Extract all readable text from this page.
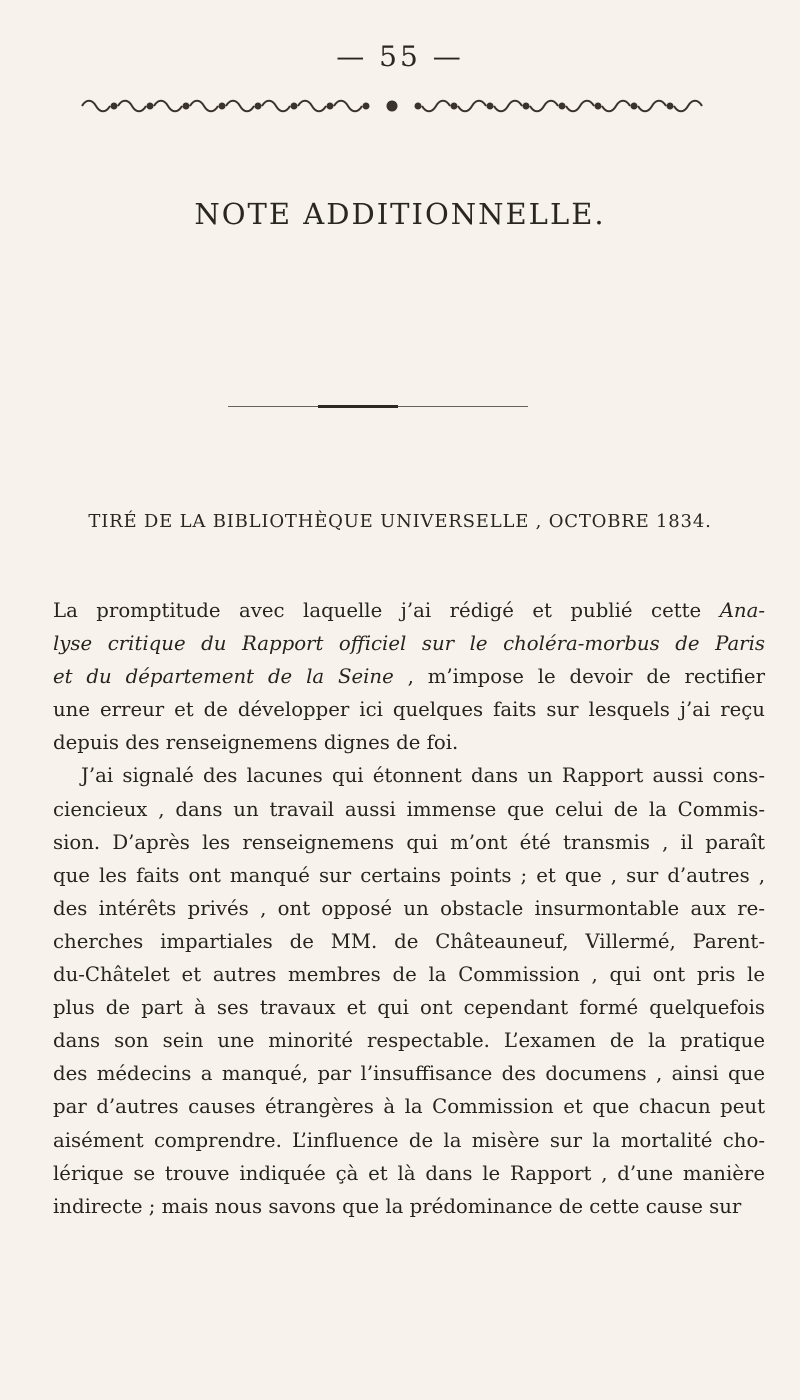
— 55 —
NOTE ADDITIONNELLE.
TIRÉ DE LA BIBLIOTHÈQUE UNIVERSELLE , OCTOBRE 1834.
La promptitude avec laquelle j’ai rédigé et publié cette Ana-
lyse critique du Rapport officiel sur le choléra-morbus de Paris
et du département de la Seine , m’impose le devoir de rectifier
une erreur et de développer ici quelques faits sur lesquels j’ai reçu
depuis des renseignemens dignes de foi.
J’ai signalé des lacunes qui étonnent dans un Rapport aussi cons-
ciencieux , dans un travail aussi immense que celui de la Commis-
sion. D’après les renseignemens qui m’ont été transmis , il paraît
que les faits ont manqué sur certains points ; et que , sur d’autres ,
des intérêts privés , ont opposé un obstacle insurmontable aux re-
cherches impartiales de MM. de Châteauneuf, Villermé, Parent-
du-Châtelet et autres membres de la Commission , qui ont pris le
plus de part à ses travaux et qui ont cependant formé quelquefois
dans son sein une minorité respectable. L’examen de la pratique
des médecins a manqué, par l’insuffisance des documens , ainsi que
par d’autres causes étrangères à la Commission et que chacun peut
aisément comprendre. L’influence de la misère sur la mortalité cho-
lérique se trouve indiquée çà et là dans le Rapport , d’une manière
indirecte ; mais nous savons que la prédominance de cette cause sur
